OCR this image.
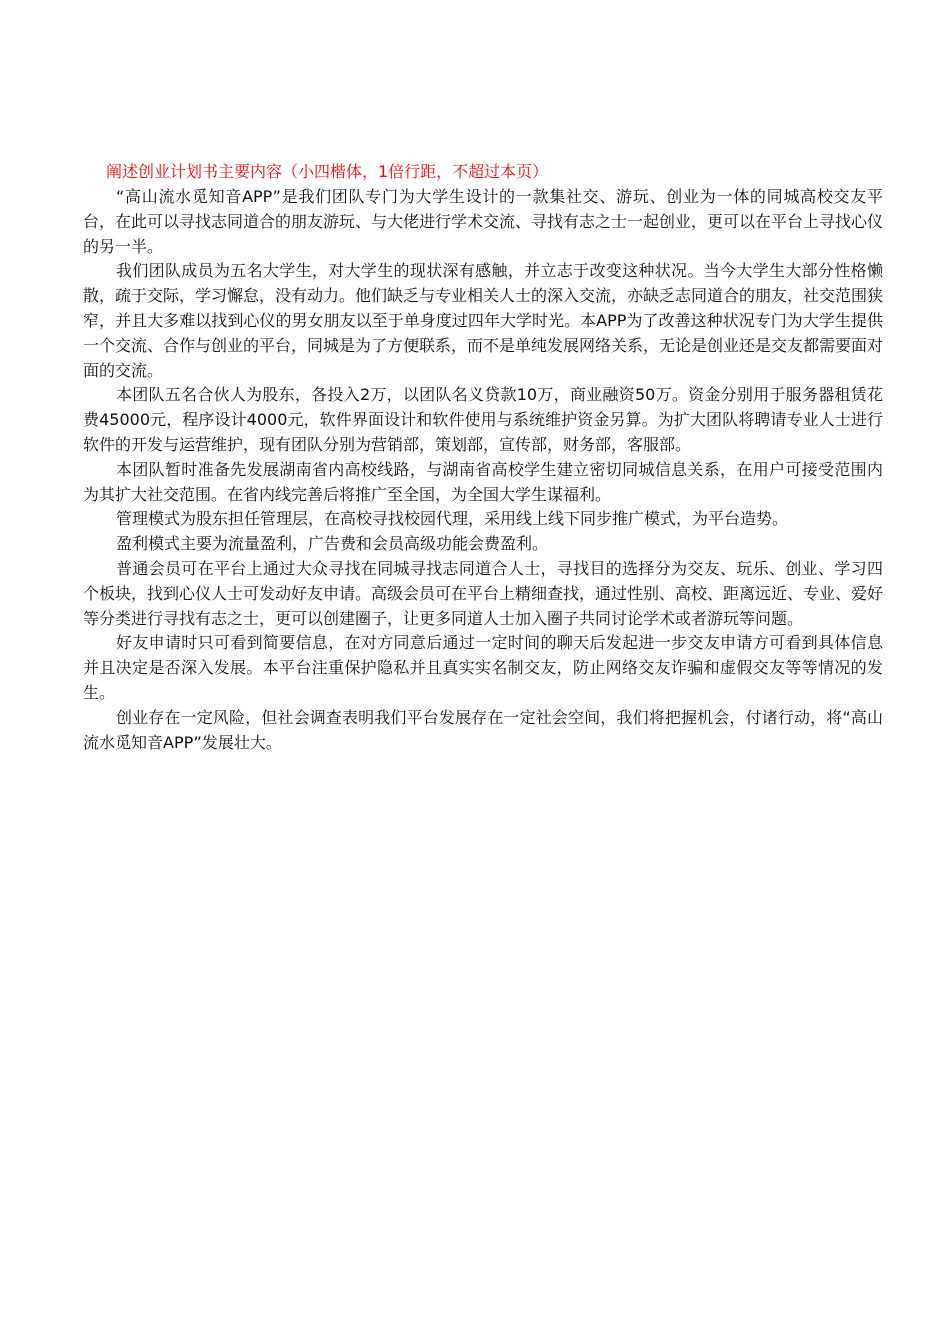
阐述创业计划书主要内容（小四楷体，1倍行距，不超过本页）

“高山流水觅知音APP”是我们团队专门为大学生设计的一款集社交、游玩、创业为一体的同城高校交友平台，在此可以寻找志同道合的朋友游玩、与大佬进行学术交流、寻找有志之士一起创业，更可以在平台上寻找心仪的另一半。

我们团队成员为五名大学生，对大学生的现状深有感触，并立志于改变这种状况。当今大学生大部分性格懒散，疏于交际，学习懈怠，没有动力。他们缺乏与专业相关人士的深入交流，亦缺乏志同道合的朋友，社交范围狭窄，并且大多难以找到心仪的男女朋友以至于单身度过四年大学时光。本APP为了改善这种状况专门为大学生提供一个交流、合作与创业的平台，同城是为了方便联系，而不是单纯发展网络关系，无论是创业还是交友都需要面对面的交流。

本团队五名合伙人为股东，各投入2万，以团队名义贷款10万，商业融资50万。资金分别用于服务器租赁花费45000元，程序设计4000元，软件界面设计和软件使用与系统维护资金另算。为扩大团队将聘请专业人士进行软件的开发与运营维护，现有团队分别为营销部，策划部，宣传部，财务部，客服部。

本团队暂时准备先发展湖南省内高校线路，与湖南省高校学生建立密切同城信息关系，在用户可接受范围内为其扩大社交范围。在省内线完善后将推广至全国，为全国大学生谋福利。

管理模式为股东担任管理层，在高校寻找校园代理，采用线上线下同步推广模式，为平台造势。

盈利模式主要为流量盈利，广告费和会员高级功能会费盈利。

普通会员可在平台上通过大众寻找在同城寻找志同道合人士，寻找目的选择分为交友、玩乐、创业、学习四个板块，找到心仪人士可发动好友申请。高级会员可在平台上精细查找，通过性别、高校、距离远近、专业、爱好等分类进行寻找有志之士，更可以创建圈子，让更多同道人士加入圈子共同讨论学术或者游玩等问题。

好友申请时只可看到简要信息，在对方同意后通过一定时间的聊天后发起进一步交友申请方可看到具体信息并且决定是否深入发展。本平台注重保护隐私并且真实实名制交友，防止网络交友诈骗和虚假交友等等情况的发生。

创业存在一定风险，但社会调查表明我们平台发展存在一定社会空间，我们将把握机会，付诸行动，将“高山流水觅知音APP”发展壮大。
